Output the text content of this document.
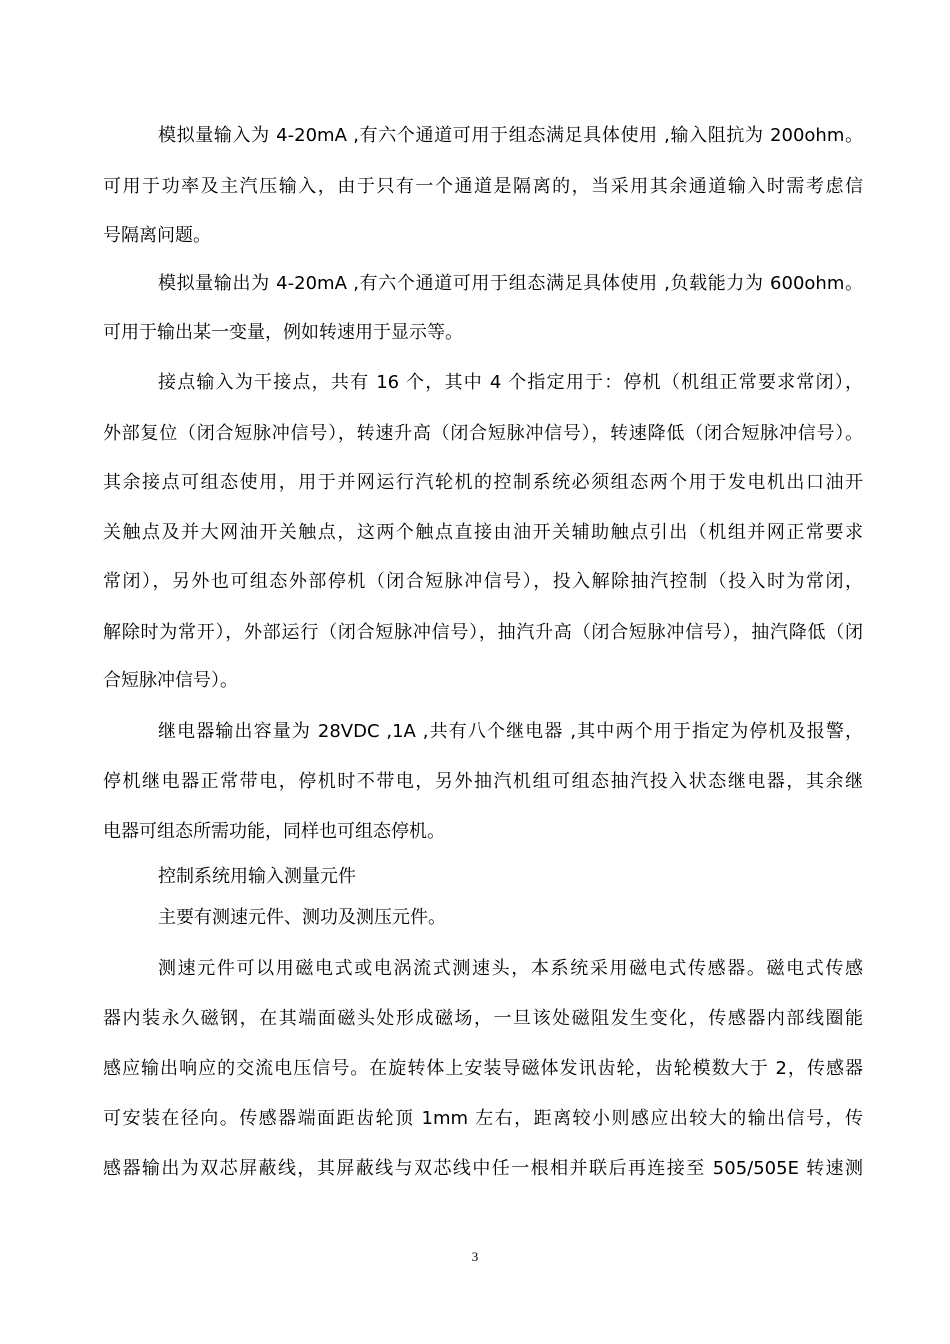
模拟量输入为 4-20mA ,有六个通道可用于组态满足具体使用 ,输入阻抗为 200ohm。
可用于功率及主汽压输入，由于只有一个通道是隔离的，当采用其余通道输入时需考虑信
号隔离问题。
模拟量输出为 4-20mA ,有六个通道可用于组态满足具体使用 ,负载能力为 600ohm。
可用于输出某一变量，例如转速用于显示等。
接点输入为干接点，共有 16 个，其中 4 个指定用于：停机（机组正常要求常闭），
外部复位（闭合短脉冲信号），转速升高（闭合短脉冲信号），转速降低（闭合短脉冲信号）。
其余接点可组态使用，用于并网运行汽轮机的控制系统必须组态两个用于发电机出口油开
关触点及并大网油开关触点，这两个触点直接由油开关辅助触点引出（机组并网正常要求
常闭），另外也可组态外部停机（闭合短脉冲信号），投入解除抽汽控制（投入时为常闭，
解除时为常开），外部运行（闭合短脉冲信号），抽汽升高（闭合短脉冲信号），抽汽降低（闭
合短脉冲信号）。
继电器输出容量为 28VDC ,1A ,共有八个继电器 ,其中两个用于指定为停机及报警，
停机继电器正常带电，停机时不带电，另外抽汽机组可组态抽汽投入状态继电器，其余继
电器可组态所需功能，同样也可组态停机。
控制系统用输入测量元件
主要有测速元件、测功及测压元件。
测速元件可以用磁电式或电涡流式测速头，本系统采用磁电式传感器。磁电式传感
器内装永久磁钢，在其端面磁头处形成磁场，一旦该处磁阻发生变化，传感器内部线圈能
感应输出响应的交流电压信号。在旋转体上安装导磁体发讯齿轮，齿轮模数大于 2，传感器
可安装在径向。传感器端面距齿轮顶 1mm 左右，距离较小则感应出较大的输出信号，传
感器输出为双芯屏蔽线，其屏蔽线与双芯线中任一根相并联后再连接至 505/505E 转速测
3
